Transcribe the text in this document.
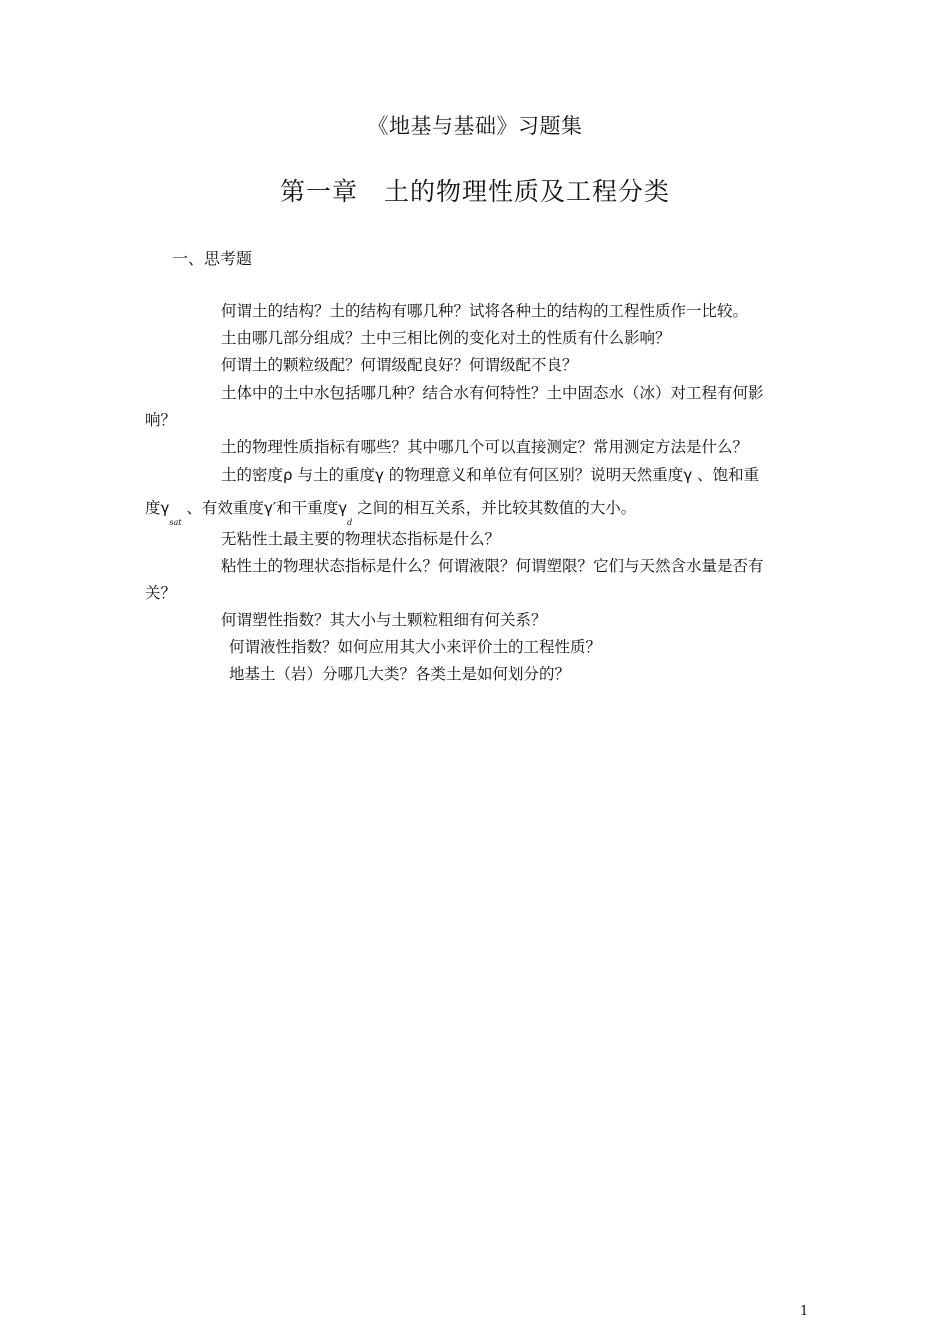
《地基与基础》习题集
第一章 土的物理性质及工程分类
一、思考题
何谓土的结构？土的结构有哪几种？试将各种土的结构的工程性质作一比较。
土由哪几部分组成？土中三相比例的变化对土的性质有什么影响？
何谓土的颗粒级配？何谓级配良好？何谓级配不良？
土体中的土中水包括哪几种？结合水有何特性？土中固态水（冰）对工程有何影
响？
土的物理性质指标有哪些？其中哪几个可以直接测定？常用测定方法是什么？
土的密度ρ 与土的重度γ 的物理意义和单位有何区别？说明天然重度γ 、饱和重
度$\gamma_{sat}$ 、有效重度γ′和干重度$\gamma_d$ 之间的相互关系，并比较其数值的大小。
无粘性土最主要的物理状态指标是什么？
粘性土的物理状态指标是什么？何谓液限？何谓塑限？它们与天然含水量是否有
关？
何谓塑性指数？其大小与土颗粒粗细有何关系？
何谓液性指数？如何应用其大小来评价土的工程性质？
地基土（岩）分哪几大类？各类土是如何划分的？
1
